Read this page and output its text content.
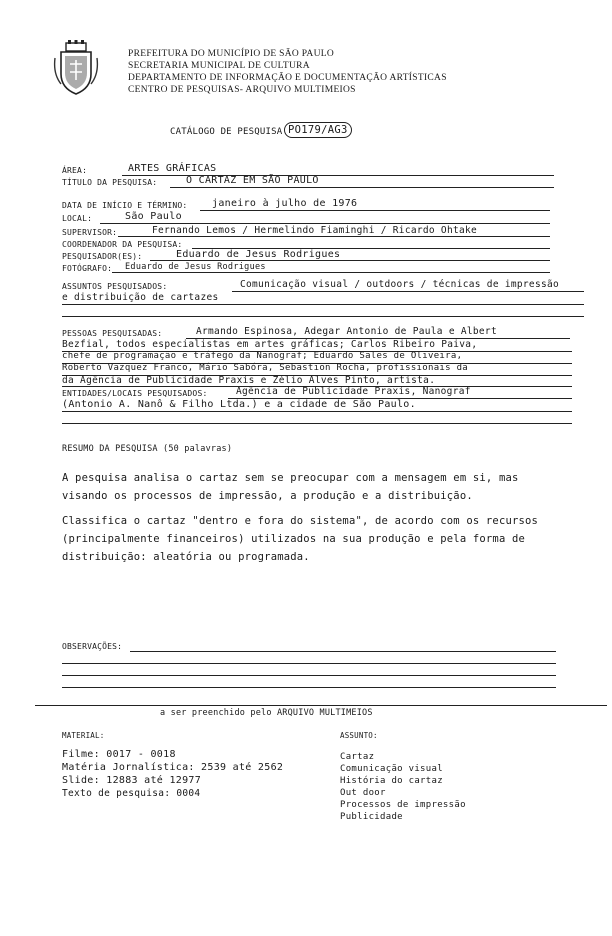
PREFEITURA DO MUNICÍPIO DE SÃO PAULO
SECRETARIA MUNICIPAL DE CULTURA
DEPARTAMENTO DE INFORMAÇÃO E DOCUMENTAÇÃO ARTÍSTICAS
CENTRO DE PESQUISAS- ARQUIVO MULTIMEIOS
CATÁLOGO DE PESQUISA PO179/AG3
ÁREA:	ARTES GRÁFICAS
TÍTULO DA PESQUISA:	O CARTAZ EM SÃO PAULO
DATA DE INÍCIO E TÉRMINO: janeiro à julho de 1976
LOCAL:	São Paulo
SUPERVISOR:	Fernando Lemos / Hermelindo Fiaminghi / Ricardo Ohtake
COORDENADOR DA PESQUISA:
PESQUISADOR(ES):	Eduardo de Jesus Rodrigues
FOTÓGRAFO: Eduardo de Jesus Rodrigues
ASSUNTOS PESQUISADOS:	Comunicação visual / outdoors / técnicas de impressão
e distribuição de cartazes
PESSOAS PESQUISADAS:	Armando Espinosa, Adegar Antonio de Paula e Albert
Bezfial, todos especialistas em artes gráficas; Carlos Ribeiro Paiva,
chefe de programação e tráfego da Nanograf; Eduardo Sales de Oliveira,
Roberto Vazquez Franco, Mário Sabóra, Sebastion Rocha, profissionais da
da Agência de Publicidade Praxis e Zélio Alves Pinto, artista.
ENTIDADES/LOCAIS PESQUISADOS:	Agência de Publicidade Praxis, Nanograf
(Antonio A. Nanô & Filho Ltda.) e a cidade de São Paulo.
RESUMO DA PESQUISA (50 palavras)
A pesquisa analisa o cartaz sem se preocupar com a mensagem em si, mas
visando os processos de impressão, a produção e a distribuição.
Classifica o cartaz "dentro e fora do sistema", de acordo com os recursos
(principalmente financeiros) utilizados na sua produção e pela forma de
distribuição: aleatória ou programada.
OBSERVAÇÕES:
a ser preenchido pelo ARQUIVO MULTIMEIOS
MATERIAL:
Filme: 0017 - 0018
Matéria Jornalística: 2539 até 2562
Slide: 12883 até 12977
Texto de pesquisa: 0004
ASSUNTO:
Cartaz
Comunicação visual
História do cartaz
Out door
Processos de impressão
Publicidade
